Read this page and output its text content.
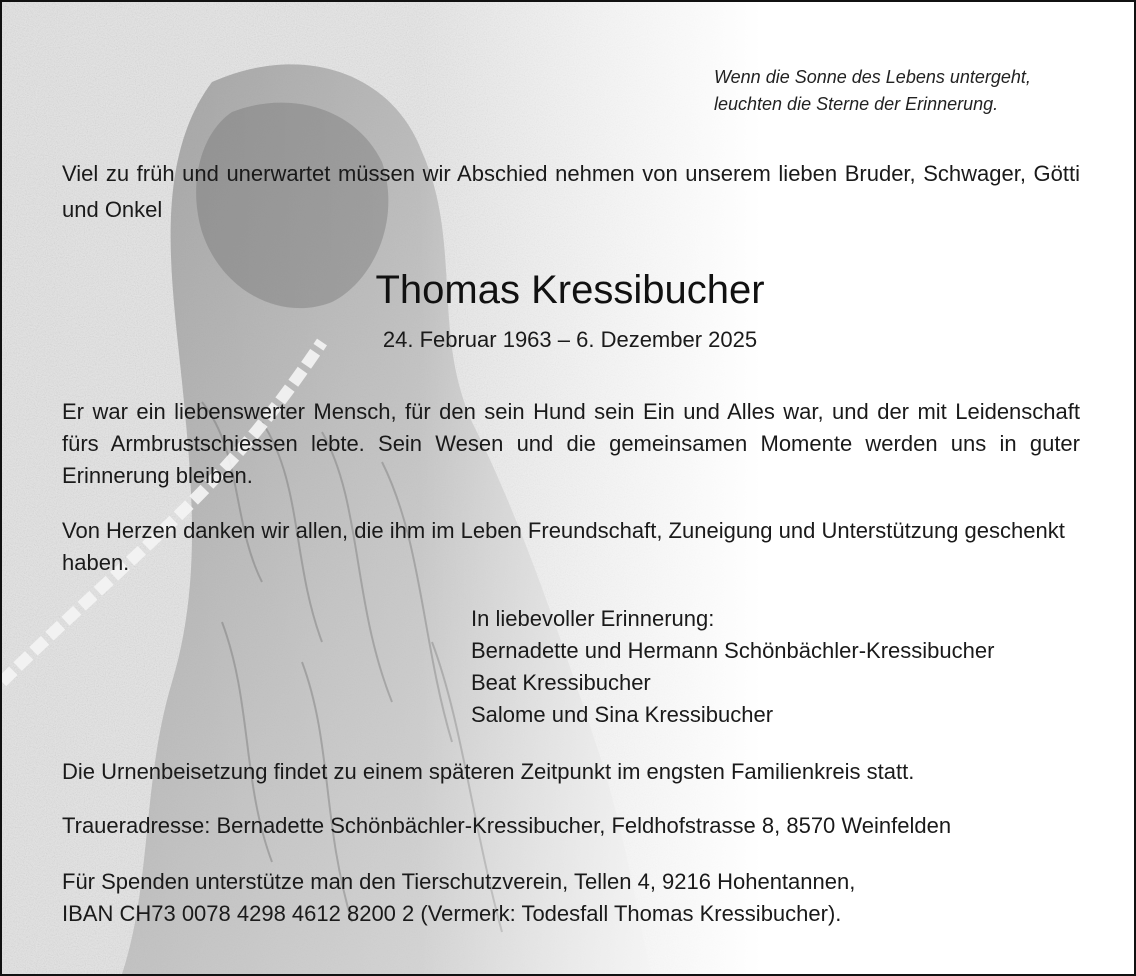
Wenn die Sonne des Lebens untergeht,
leuchten die Sterne der Erinnerung.
Viel zu früh und unerwartet müssen wir Abschied nehmen von unserem lieben Bruder, Schwager, Götti und Onkel
Thomas Kressibucher
24. Februar 1963 – 6. Dezember 2025
Er war ein liebenswerter Mensch, für den sein Hund sein Ein und Alles war, und der mit Leidenschaft fürs Armbrustschiessen lebte. Sein Wesen und die gemeinsamen Momente werden uns in guter Erinnerung bleiben.
Von Herzen danken wir allen, die ihm im Leben Freundschaft, Zuneigung und Unterstützung geschenkt haben.
In liebevoller Erinnerung:
Bernadette und Hermann Schönbächler-Kressibucher
Beat Kressibucher
Salome und Sina Kressibucher
Die Urnenbeisetzung findet zu einem späteren Zeitpunkt im engsten Familienkreis statt.
Traueradresse: Bernadette Schönbächler-Kressibucher, Feldhofstrasse 8, 8570 Weinfelden
Für Spenden unterstütze man den Tierschutzverein, Tellen 4, 9216 Hohentannen,
IBAN CH73 0078 4298 4612 8200 2 (Vermerk: Todesfall Thomas Kressibucher).
